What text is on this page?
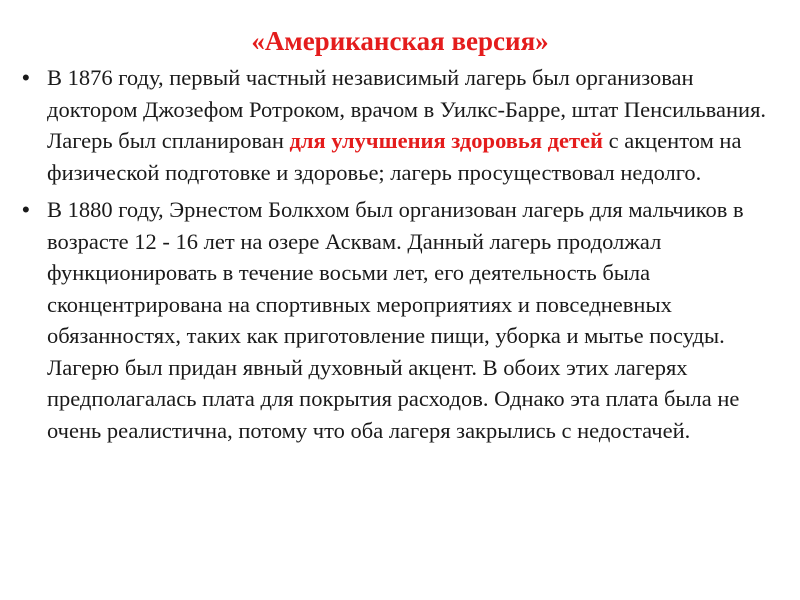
«Американская версия»
• В 1876 году, первый частный независимый лагерь был организован доктором Джозефом Ротроком, врачом в Уилкс-Барре, штат Пенсильвания. Лагерь был спланирован для улучшения здоровья детей с акцентом на физической подготовке и здоровье; лагерь просуществовал недолго.
• В 1880 году, Эрнестом Болкхом был организован лагерь для мальчиков в возрасте 12 - 16 лет на озере Асквам. Данный лагерь продолжал функционировать в течение восьми лет, его деятельность была сконцентрирована на спортивных мероприятиях и повседневных обязанностях, таких как приготовление пищи, уборка и мытье посуды. Лагерю был придан явный духовный акцент. В обоих этих лагерях предполагалась плата для покрытия расходов. Однако эта плата была не очень реалистична, потому что оба лагеря закрылись с недостачей.
